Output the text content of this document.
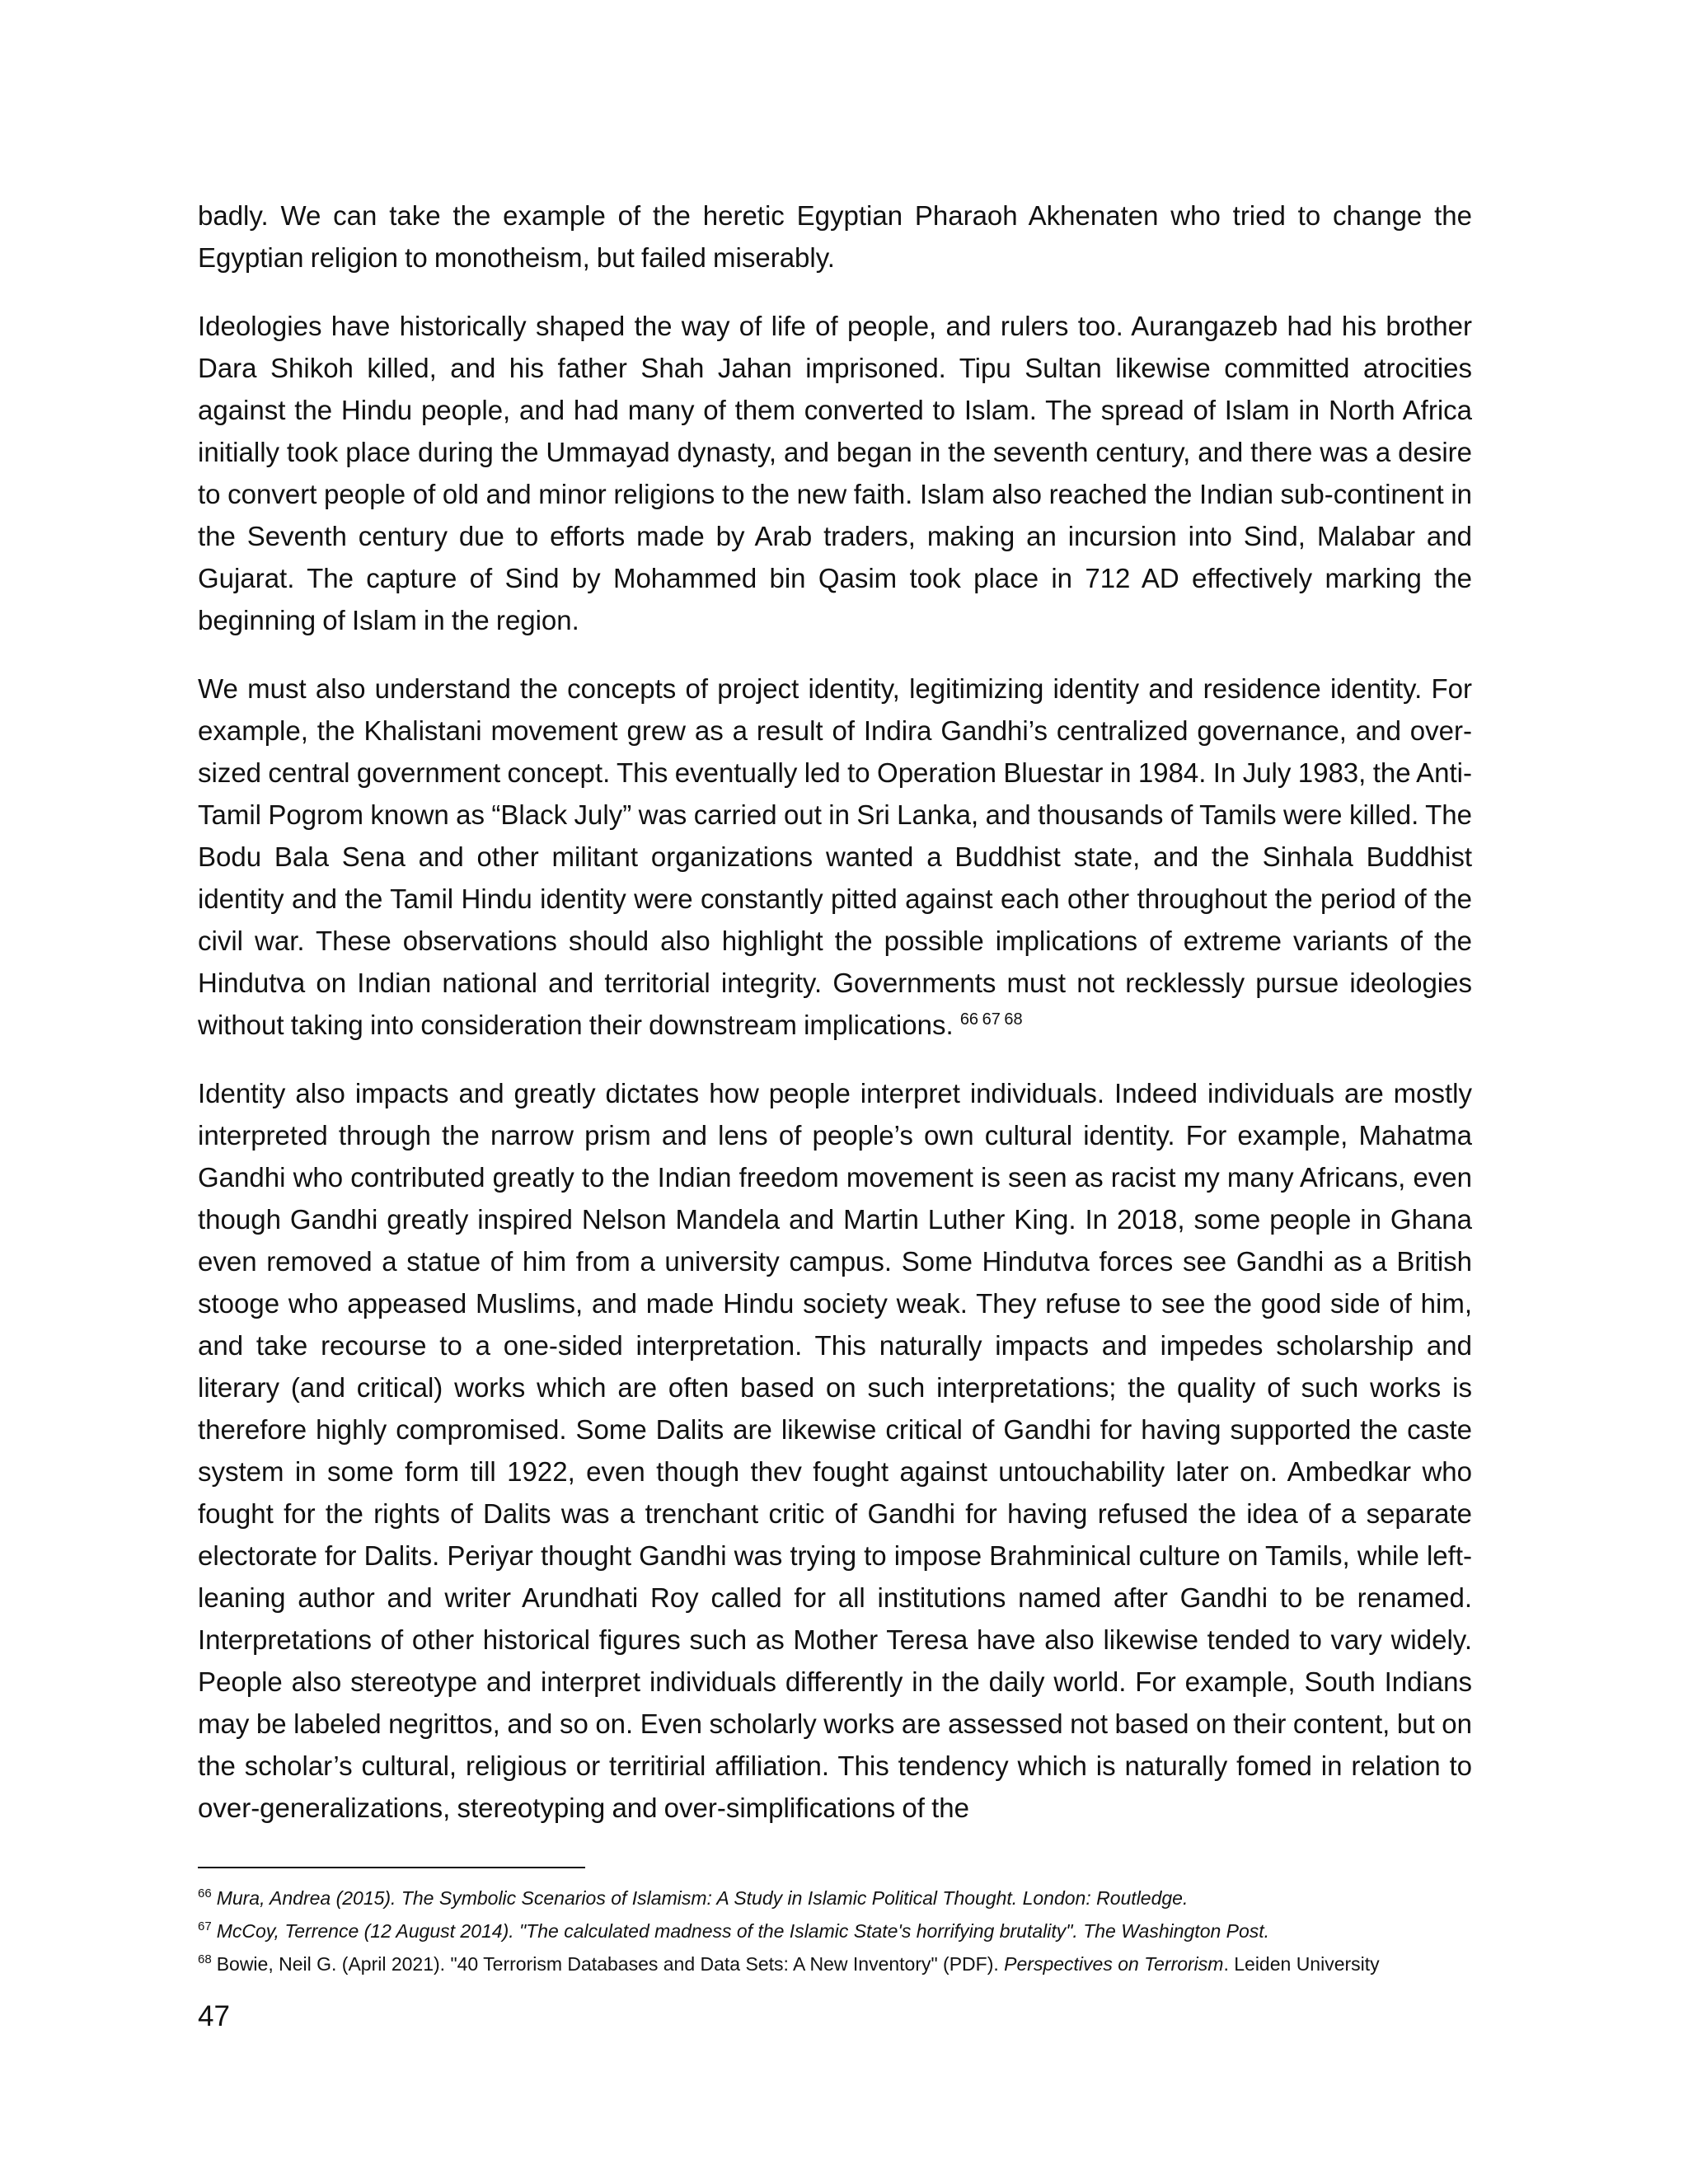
badly. We can take the example of the heretic Egyptian Pharaoh Akhenaten who tried to change the Egyptian religion to monotheism, but failed miserably.

Ideologies have historically shaped the way of life of people, and rulers too. Aurangazeb had his brother Dara Shikoh killed, and his father Shah Jahan imprisoned. Tipu Sultan likewise committed atrocities against the Hindu people, and had many of them converted to Islam. The spread of Islam in North Africa initially took place during the Ummayad dynasty, and began in the seventh century, and there was a desire to convert people of old and minor religions to the new faith. Islam also reached the Indian sub-continent in the Seventh century due to efforts made by Arab traders, making an incursion into Sind, Malabar and Gujarat. The capture of Sind by Mohammed bin Qasim took place in 712 AD effectively marking the beginning of Islam in the region.

We must also understand the concepts of project identity, legitimizing identity and residence identity. For example, the Khalistani movement grew as a result of Indira Gandhi’s centralized governance, and over-sized central government concept. This eventually led to Operation Bluestar in 1984. In July 1983, the Anti-Tamil Pogrom known as “Black July” was carried out in Sri Lanka, and thousands of Tamils were killed. The Bodu Bala Sena and other militant organizations wanted a Buddhist state, and the Sinhala Buddhist identity and the Tamil Hindu identity were constantly pitted against each other throughout the period of the civil war. These observations should also highlight the possible implications of extreme variants of the Hindutva on Indian national and territorial integrity. Governments must not recklessly pursue ideologies without taking into consideration their downstream implications. $^{66 67 68}$

Identity also impacts and greatly dictates how people interpret individuals. Indeed individuals are mostly interpreted through the narrow prism and lens of people’s own cultural identity. For example, Mahatma Gandhi who contributed greatly to the Indian freedom movement is seen as racist my many Africans, even though Gandhi greatly inspired Nelson Mandela and Martin Luther King. In 2018, some people in Ghana even removed a statue of him from a university campus. Some Hindutva forces see Gandhi as a British stooge who appeased Muslims, and made Hindu society weak. They refuse to see the good side of him, and take recourse to a one-sided interpretation. This naturally impacts and impedes scholarship and literary (and critical) works which are often based on such interpretations; the quality of such works is therefore highly compromised. Some Dalits are likewise critical of Gandhi for having supported the caste system in some form till 1922, even though thev fought against untouchability later on. Ambedkar who fought for the rights of Dalits was a trenchant critic of Gandhi for having refused the idea of a separate electorate for Dalits. Periyar thought Gandhi was trying to impose Brahminical culture on Tamils, while left-leaning author and writer Arundhati Roy called for all institutions named after Gandhi to be renamed. Interpretations of other historical figures such as Mother Teresa have also likewise tended to vary widely. People also stereotype and interpret individuals differently in the daily world. For example, South Indians may be labeled negrittos, and so on. Even scholarly works are assessed not based on their content, but on the scholar’s cultural, religious or territirial affiliation. This tendency which is naturally fomed in relation to over-generalizations, stereotyping and over-simplifications of the

$^{66}$ Mura, Andrea (2015). The Symbolic Scenarios of Islamism: A Study in Islamic Political Thought. London: Routledge.
$^{67}$ McCoy, Terrence (12 August 2014). "The calculated madness of the Islamic State's horrifying brutality". The Washington Post.
$^{68}$ Bowie, Neil G. (April 2021). "40 Terrorism Databases and Data Sets: A New Inventory" (PDF). Perspectives on Terrorism. Leiden University
47
